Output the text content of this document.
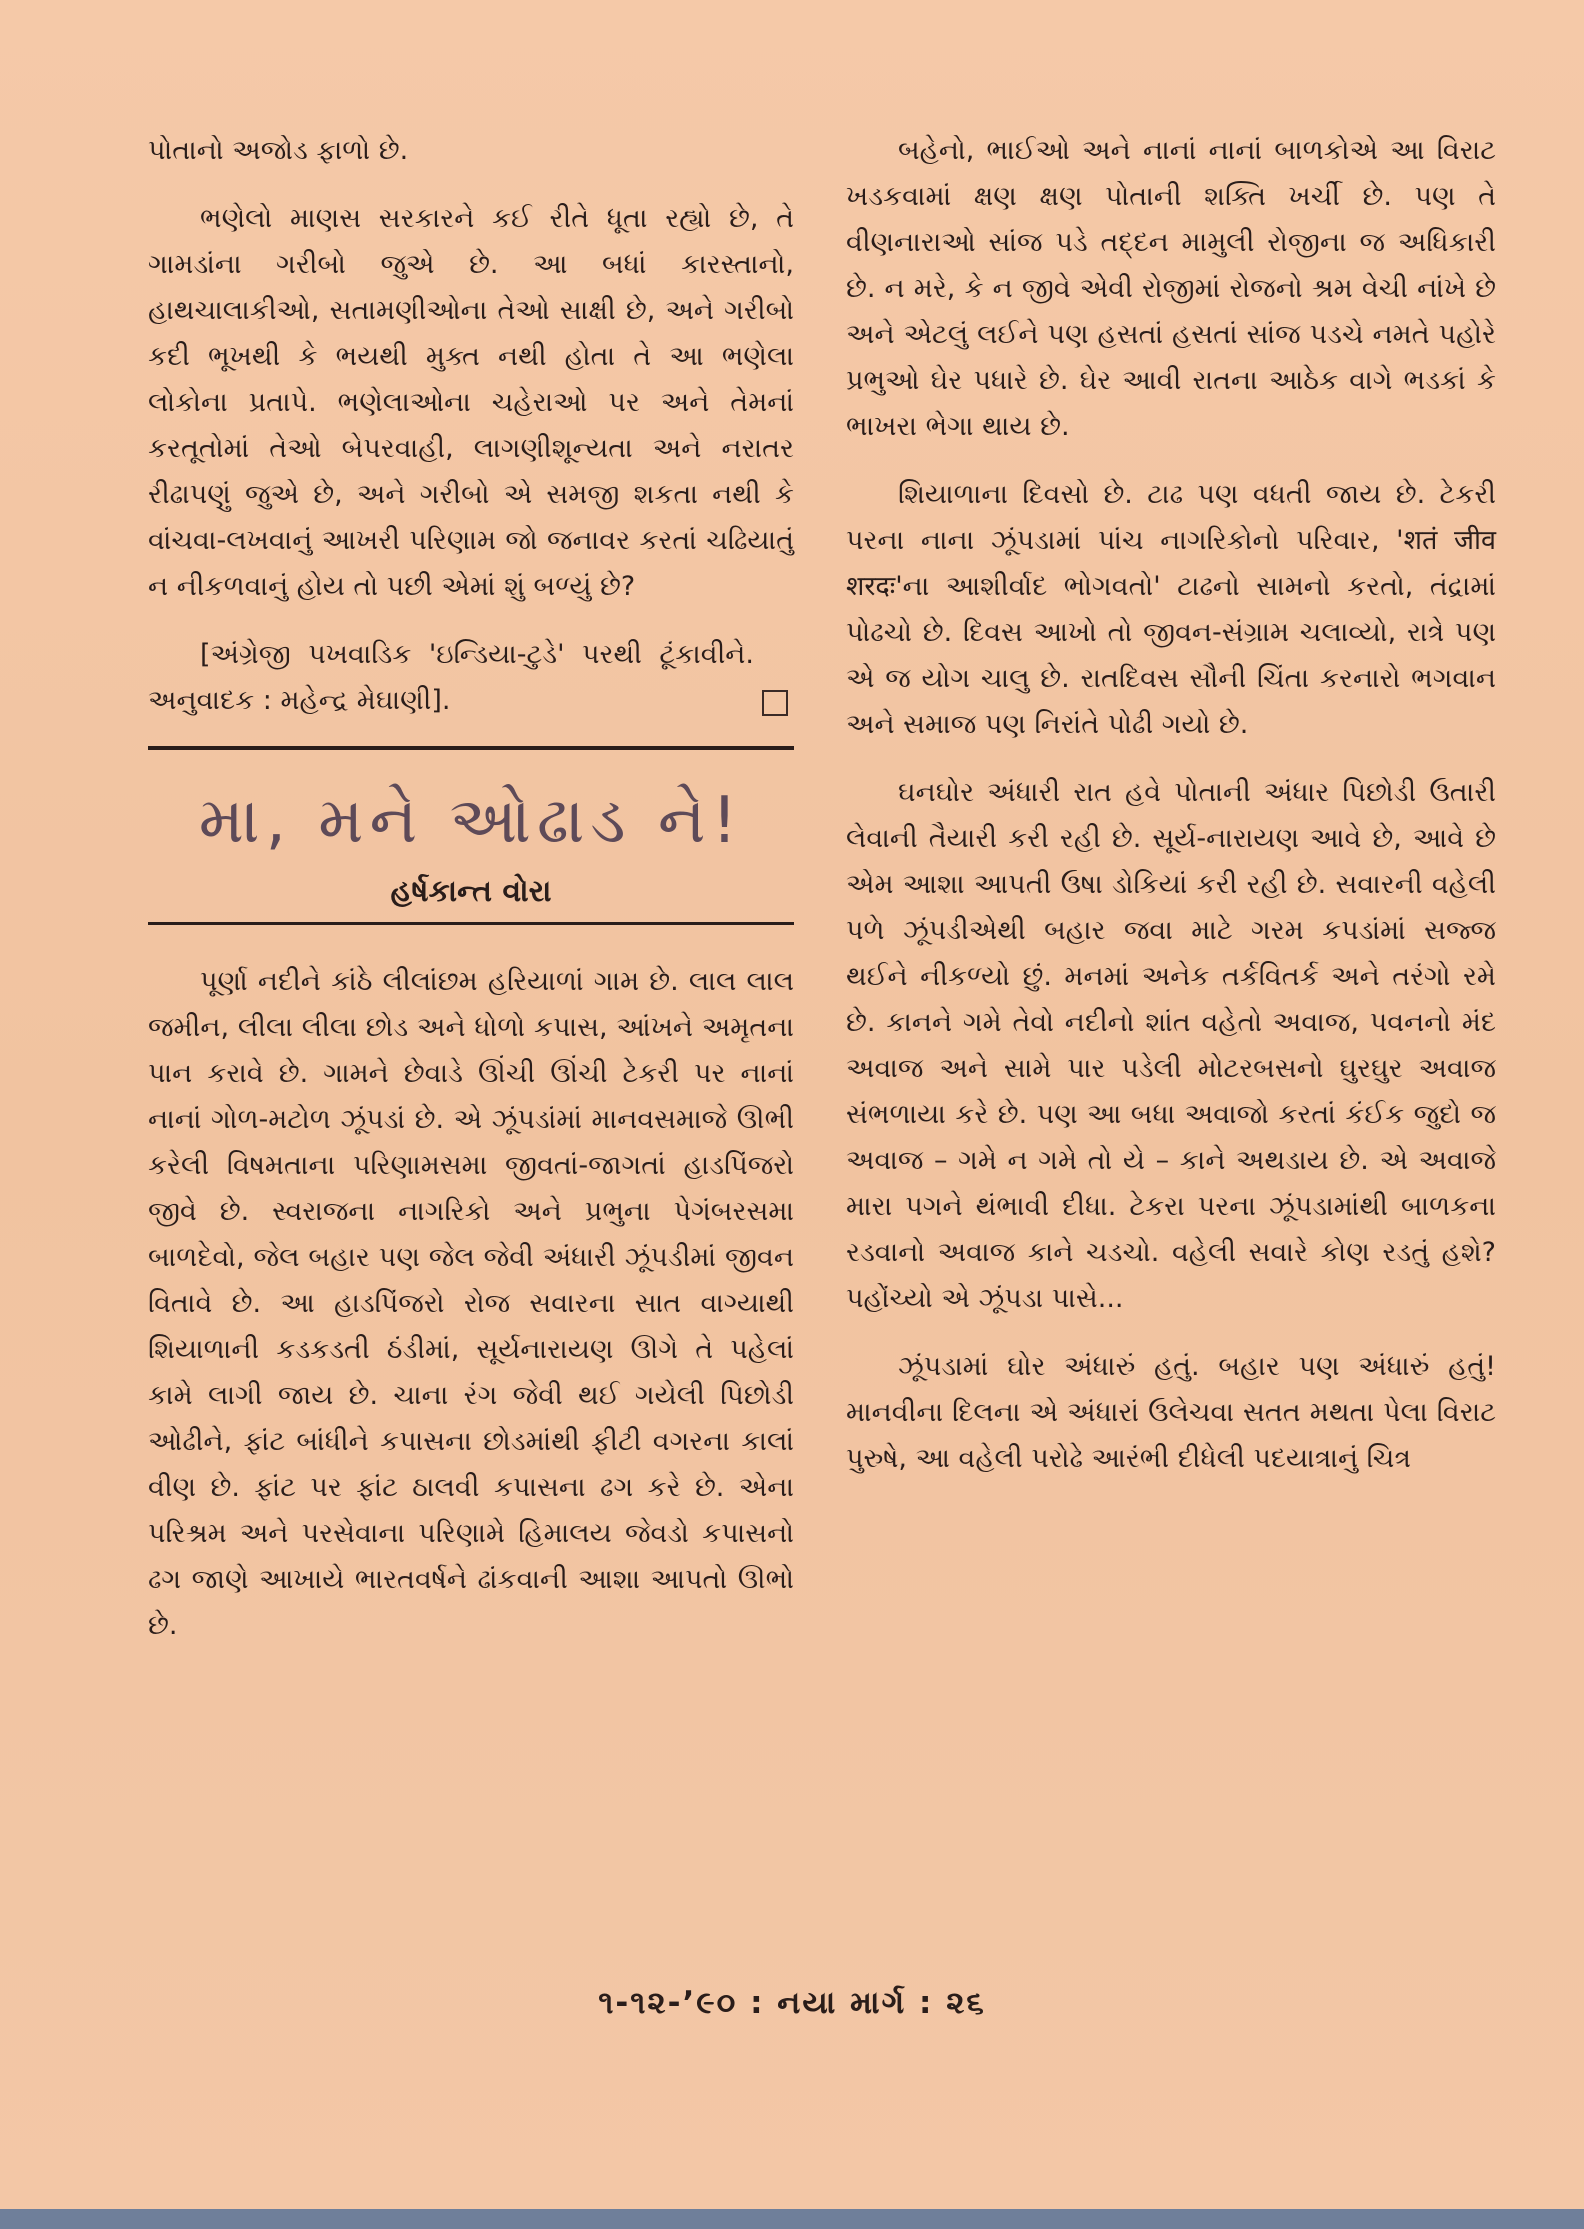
પોતાનો અજોડ ફાળો છે.

ભણેલો માણસ સરકારને કઈ રીતે ધૂતા રહ્યો છે, તે ગામડાંના ગરીબો જુએ છે. આ બધાં કારસ્તાનો, હાથચાલાકીઓ, સતામણીઓના તેઓ સાક્ષી છે, અને ગરીબો કદી ભૂખથી કે ભયથી મુક્ત નથી હોતા તે આ ભણેલા લોકોના પ્રતાપે. ભણેલાઓના ચહેરાઓ પર અને તેમનાં કરતૂતોમાં તેઓ બેપરવાહી, લાગણીશૂન્યતા અને નરાતર રીઢાપણું જુએ છે, અને ગરીબો એ સમજી શકતા નથી કે વાંચવા-લખવાનું આખરી પરિણામ જો જનાવર કરતાં ચઢિયાતું ન નીકળવાનું હોય તો પછી એમાં શું બળ્યું છે?

[અંગ્રેજી પખવાડિક 'ઇન્ડિયા-ટુડે' પરથી ટૂંકાવીને. અનુવાદક : મહેન્દ્ર મેઘાણી].

મા, મને ઓઢાડ ને!
હર્ષકાન્ત વોરા

પૂર્ણા નદીને કાંઠે લીલાંછમ હરિયાળાં ગામ છે. લાલ લાલ જમીન, લીલા લીલા છોડ અને ધોળો કપાસ, આંખને અમૃતના પાન કરાવે છે. ગામને છેવાડે ઊંચી ઊંચી ટેકરી પર નાનાં નાનાં ગોળ-મટોળ ઝૂંપડાં છે. એ ઝૂંપડાંમાં માનવસમાજે ઊભી કરેલી વિષમતાના પરિણામસમા જીવતાં-જાગતાં હાડપિંજરો જીવે છે. સ્વરાજના નાગરિકો અને પ્રભુના પેગંબરસમા બાળદેવો, જેલ બહાર પણ જેલ જેવી અંધારી ઝૂંપડીમાં જીવન વિતાવે છે. આ હાડપિંજરો રોજ સવારના સાત વાગ્યાથી શિયાળાની કડકડતી ઠંડીમાં, સૂર્યનારાયણ ઊગે તે પહેલાં કામે લાગી જાય છે. ચાના રંગ જેવી થઈ ગયેલી પિછોડી ઓઢીને, ફાંટ બાંધીને કપાસના છોડમાંથી ફીટી વગરના કાલાં વીણ છે. ફાંટ પર ફાંટ ઠાલવી કપાસના ઢગ કરે છે. એના પરિશ્રમ અને પરસેવાના પરિણામે હિમાલય જેવડો કપાસનો ઢગ જાણે આખાયે ભારતવર્ષને ઢાંકવાની આશા આપતો ઊભો છે.

બહેનો, ભાઈઓ અને નાનાં નાનાં બાળકોએ આ વિરાટ ખડકવામાં ક્ષણ ક્ષણ પોતાની શક્તિ ખર્ચી છે. પણ તે વીણનારાઓ સાંજ પડે તદ્દન મામુલી રોજીના જ અધિકારી છે. ન મરે, કે ન જીવે એવી રોજીમાં રોજનો શ્રમ વેચી નાંખે છે અને એટલું લઈને પણ હસતાં હસતાં સાંજ પડચે નમતે પહોરે પ્રભુઓ ઘેર પધારે છે. ઘેર આવી રાતના આઠેક વાગે ભડકાં કે ભાખરા ભેગા થાય છે.

શિયાળાના દિવસો છે. ટાઢ પણ વધતી જાય છે. ટેકરી પરના નાના ઝૂંપડામાં પાંચ નાગરિકોનો પરિવાર, 'शतं जीव शरदः'ના આશીર્વાદ ભોગવતો' ટાઢનો સામનો કરતો, તંદ્રામાં પોઢચો છે. દિવસ આખો તો જીવન-સંગ્રામ ચલાવ્યો, રાત્રે પણ એ જ યોગ ચાલુ છે. રાતદિવસ સૌની ચિંતા કરનારો ભગવાન અને સમાજ પણ નિરાંતે પોઢી ગયો છે.

ઘનઘોર અંધારી રાત હવે પોતાની અંધાર પિછોડી ઉતારી લેવાની તૈયારી કરી રહી છે. સૂર્ય-નારાયણ આવે છે, આવે છે એમ આશા આપતી ઉષા ડોકિયાં કરી રહી છે. સવારની વહેલી પળે ઝૂંપડીએથી બહાર જવા માટે ગરમ કપડાંમાં સજ્જ થઈને નીકળ્યો છું. મનમાં અનેક તર્કવિતર્ક અને તરંગો રમે છે. કાનને ગમે તેવો નદીનો શાંત વહેતો અવાજ, પવનનો મંદ અવાજ અને સામે પાર પડેલી મોટરબસનો ઘુરઘુર અવાજ સંભળાયા કરે છે. પણ આ બધા અવાજો કરતાં કંઈક જુદો જ અવાજ – ગમે ન ગમે તો યે – કાને અથડાય છે. એ અવાજે મારા પગને થંભાવી દીધા. ટેકરા પરના ઝૂંપડામાંથી બાળકના રડવાનો અવાજ કાને ચડચો. વહેલી સવારે કોણ રડતું હશે? પહોંચ્યો એ ઝૂંપડા પાસે...

ઝૂંપડામાં ઘોર અંધારું હતું. બહાર પણ અંધારું હતું! માનવીના દિલના એ અંધારાં ઉલેચવા સતત મથતા પેલા વિરાટ પુરુષે, આ વહેલી પરોઢે આરંભી દીધેલી પદયાત્રાનું ચિત્ર

૧-૧૨-’૯૦ : નયા માર્ગ : ૨૬
